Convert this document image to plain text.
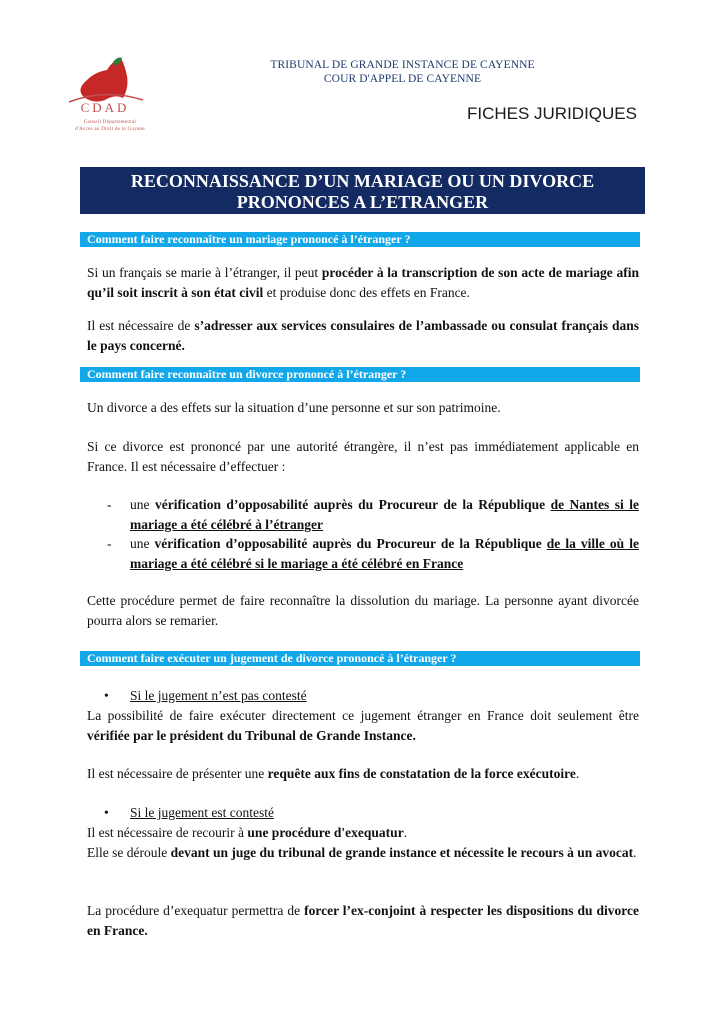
CDAD
Conseil Départemental
d'Accès au Droit de la Guyane
TRIBUNAL DE GRANDE INSTANCE DE CAYENNE
COUR D'APPEL DE CAYENNE
FICHES JURIDIQUES
RECONNAISSANCE D’UN MARIAGE OU UN DIVORCE
PRONONCES A L’ETRANGER
Comment faire reconnaître un mariage prononcé à l’étranger ?
Si un français se marie à l’étranger, il peut procéder à la transcription de son acte de mariage afin qu’il soit inscrit à son état civil et produise donc des effets en France.
Il est nécessaire de s’adresser aux services consulaires de l’ambassade ou consulat français dans le pays concerné.
Comment faire reconnaître un divorce prononcé à l’étranger ?
Un divorce a des effets sur la situation d’une personne et sur son patrimoine.
Si ce divorce est prononcé par une autorité étrangère, il n’est pas immédiatement applicable en France. Il est nécessaire d’effectuer :
- une vérification d’opposabilité auprès du Procureur de la République de Nantes si le mariage a été célébré à l’étranger
- une vérification d’opposabilité auprès du Procureur de la République de la ville où le mariage a été célébré si le mariage a été célébré en France
Cette procédure permet de faire reconnaître la dissolution du mariage. La personne ayant divorcée pourra alors se remarier.
Comment faire exécuter un jugement de divorce prononcé à l’étranger ?
• Si le jugement n’est pas contesté
La possibilité de faire exécuter directement ce jugement étranger en France doit seulement être vérifiée par le président du Tribunal de Grande Instance.
Il est nécessaire de présenter une requête aux fins de constatation de la force exécutoire.
• Si le jugement est contesté
Il est nécessaire de recourir à une procédure d'exequatur.
Elle se déroule devant un juge du tribunal de grande instance et nécessite le recours à un avocat.
La procédure d’exequatur permettra de forcer l’ex-conjoint à respecter les dispositions du divorce en France.
